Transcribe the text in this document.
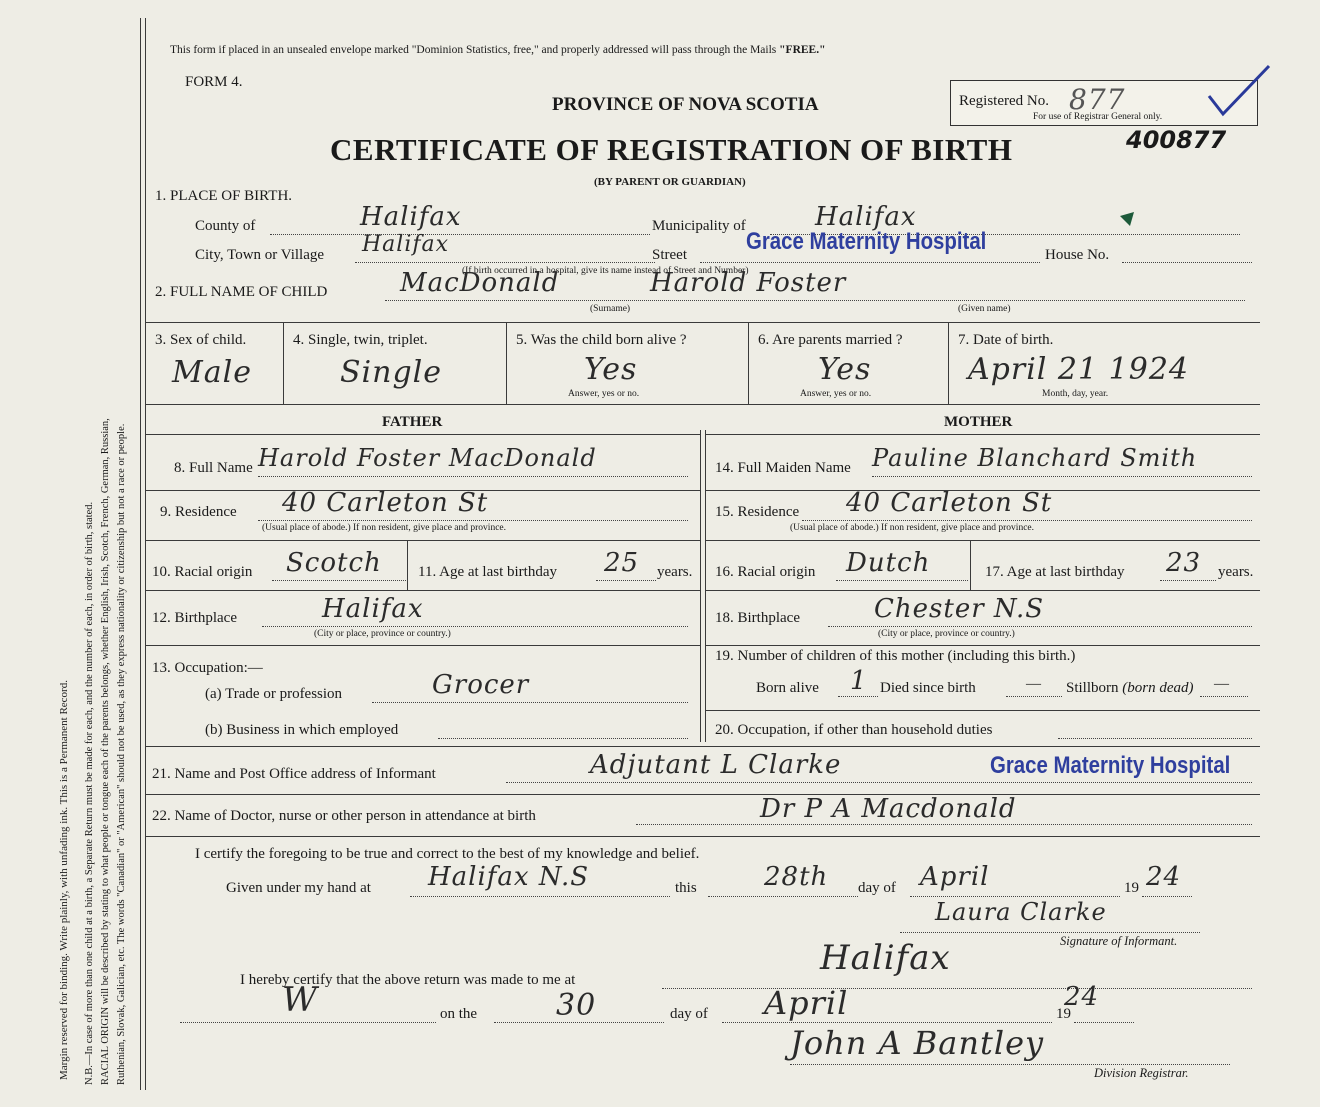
Margin reserved for binding. Write plainly, with unfading ink. This is a Permanent Record. N.B.—In case of more than one child at a birth, a Separate Return must be made for each, and the number of each, in order of birth, stated. RACIAL ORIGIN will be described by stating to what people or tongue each of the parents belongs, whether English, Irish, Scotch, French, German, Russian, Ruthenian, Slovak, Galician, etc. The words "Canadian" or "American" should not be used, as they express nationality or citizenship but not a race or people.
This form if placed in an unsealed envelope marked "Dominion Statistics, free," and properly addressed will pass through the Mails "FREE."
FORM 4.
PROVINCE OF NOVA SCOTIA
CERTIFICATE OF REGISTRATION OF BIRTH
(BY PARENT OR GUARDIAN)
Registered No. 877
For use of Registrar General only.
400877
1. PLACE OF BIRTH.
County of	Halifax	Municipality of	Halifax
City, Town or Village Halifax	Street Grace Maternity Hospital	House No.
(If birth occurred in a hospital, give its name instead of Street and Number)
2. FULL NAME OF CHILD	MacDonald	Harold Foster
(Surname)	(Given name)
3. Sex of child.
Male
4. Single, twin, triplet.
Single
5. Was the child born alive ?
Yes
Answer, yes or no.
6. Are parents married ?
Yes
Answer, yes or no.
7. Date of birth.
April 21 1924
Month, day, year.
FATHER	MOTHER
8. Full Name Harold Foster MacDonald
9. Residence 40 Carleton St
(Usual place of abode.) If non resident, give place and province.
10. Racial origin Scotch 11. Age at last birthday 25 years.
12. Birthplace	Halifax
(City or place, province or country.)
13. Occupation:—
(a) Trade or profession	Grocer
(b) Business in which employed
14. Full Maiden Name Pauline Blanchard Smith
15. Residence 40 Carleton St
(Usual place of abode.) If non resident, give place and province.
16. Racial origin Dutch	17. Age at last birthday 23 years.
18. Birthplace	Chester N.S
(City or place, province or country.)
19. Number of children of this mother (including this birth.)
Born alive 1 Died since birth	— Stillborn (born dead) —
20. Occupation, if other than household duties
21. Name and Post Office address of Informant	Adjutant L Clarke	Grace Maternity Hospital
22. Name of Doctor, nurse or other person in attendance at birth	Dr P A Macdonald
I certify the foregoing to be true and correct to the best of my knowledge and belief.
Given under my hand at Halifax N.S	this	28th day of April	19 24
Laura Clarke
Signature of Informant.
Halifax
I hereby certify that the above return was made to me at
W	on the	30	day of April	19
24
John A Bantley
Division Registrar.
